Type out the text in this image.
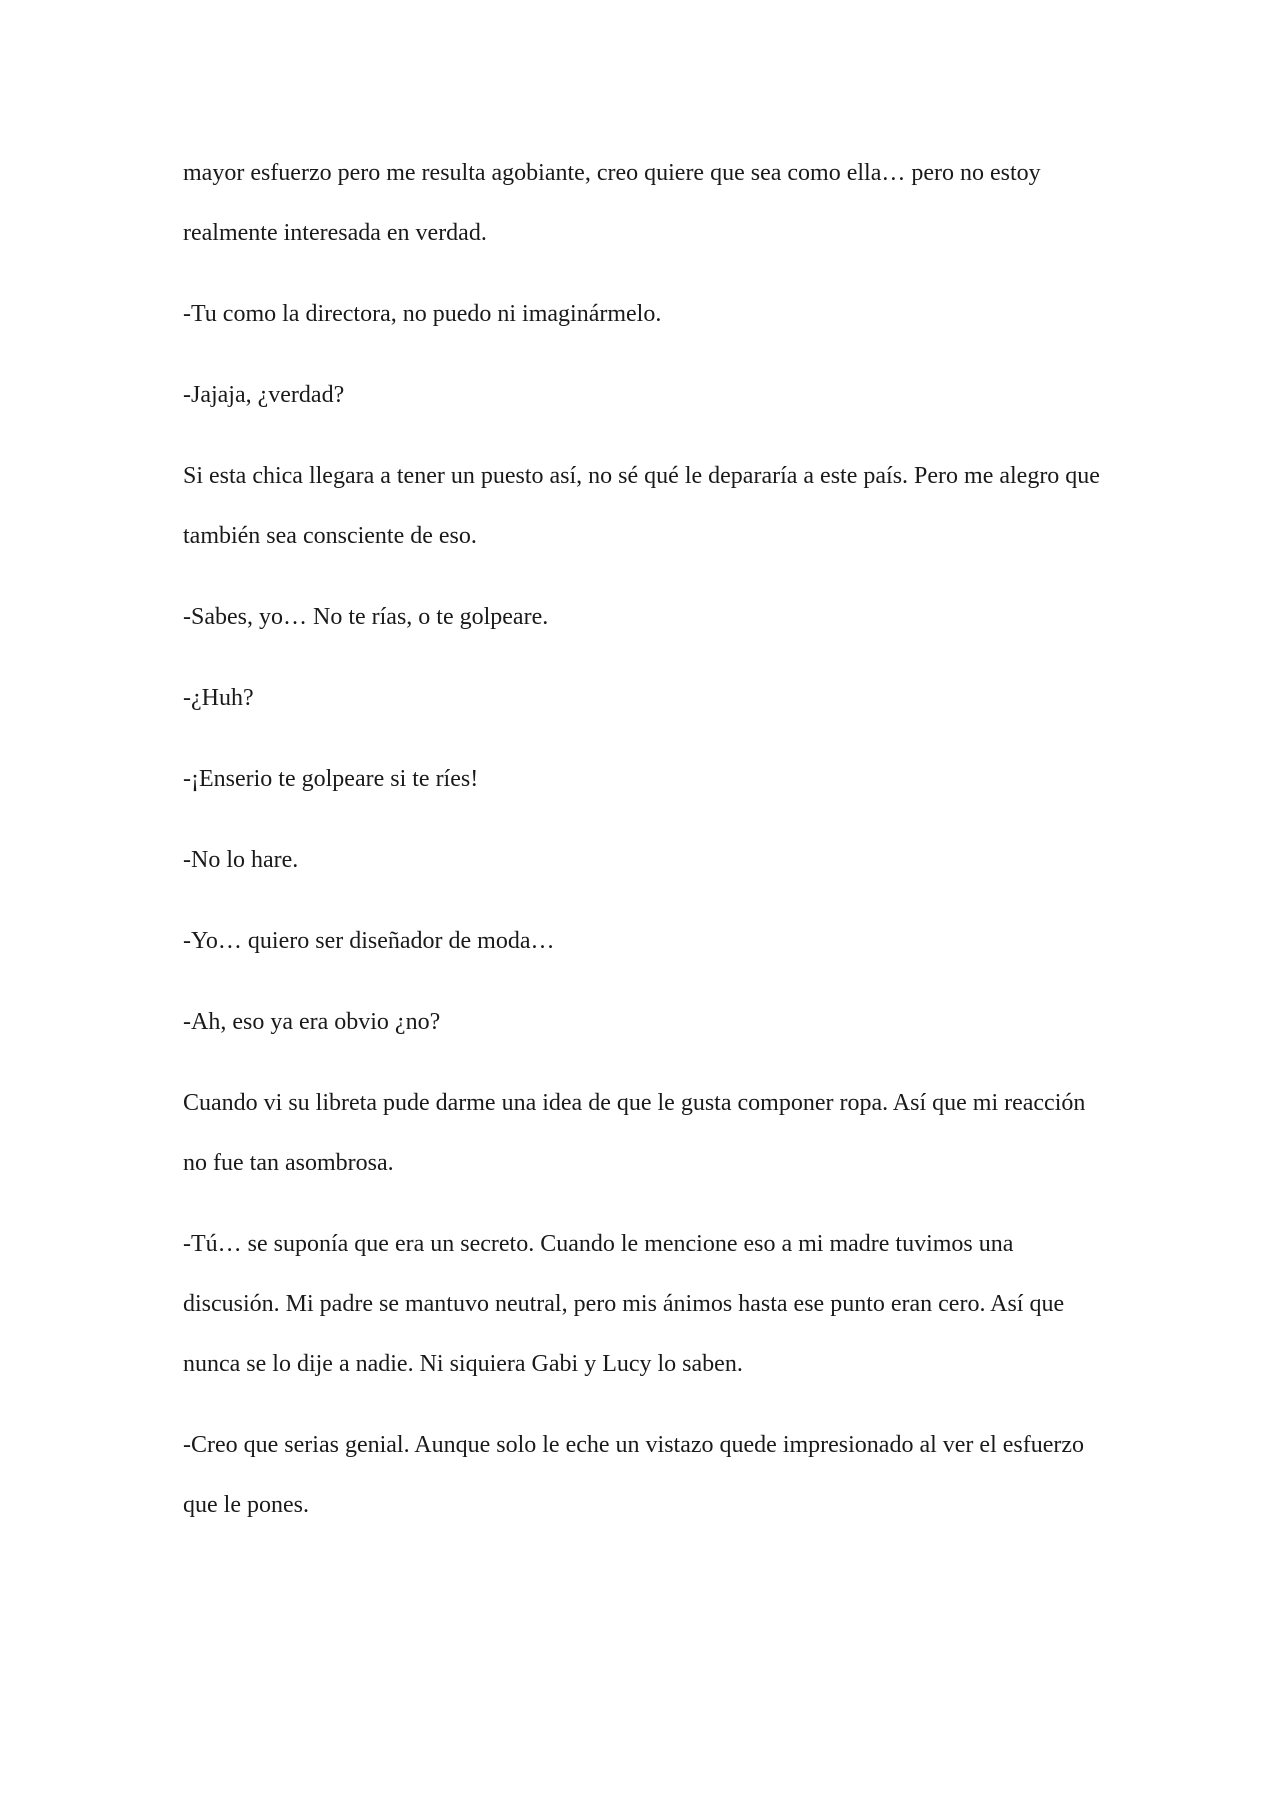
mayor esfuerzo pero me resulta agobiante, creo quiere que sea como ella… pero no estoy realmente interesada en verdad.

-Tu como la directora, no puedo ni imaginármelo.

-Jajaja, ¿verdad?

Si esta chica llegara a tener un puesto así, no sé qué le depararía a este país. Pero me alegro que también sea consciente de eso.

-Sabes, yo… No te rías, o te golpeare.

-¿Huh?

-¡Enserio te golpeare si te ríes!

-No lo hare.

-Yo… quiero ser diseñador de moda…

-Ah, eso ya era obvio ¿no?

Cuando vi su libreta pude darme una idea de que le gusta componer ropa. Así que mi reacción no fue tan asombrosa.

-Tú… se suponía que era un secreto. Cuando le mencione eso a mi madre tuvimos una discusión. Mi padre se mantuvo neutral, pero mis ánimos hasta ese punto eran cero. Así que nunca se lo dije a nadie. Ni siquiera Gabi y Lucy lo saben.

-Creo que serias genial. Aunque solo le eche un vistazo quede impresionado al ver el esfuerzo que le pones.
